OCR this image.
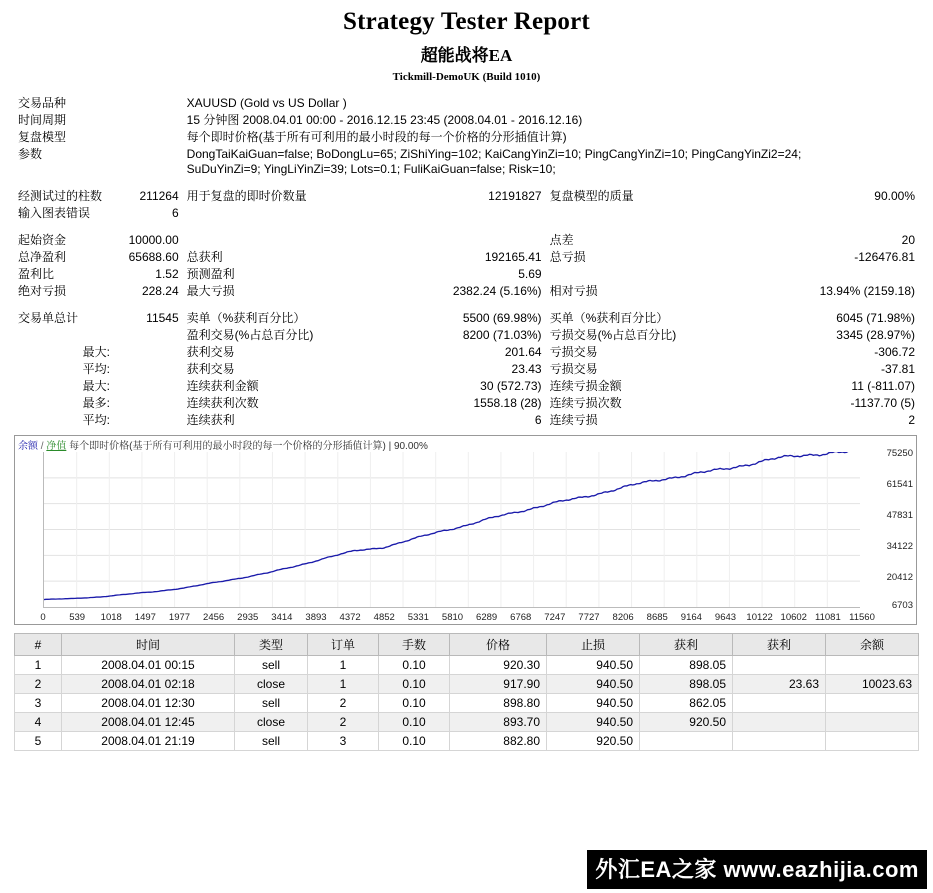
Strategy Tester Report
超能战将EA
Tickmill-DemoUK (Build 1010)
交易品种		XAUUSD (Gold vs US Dollar )			
时间周期		15 分钟图 2008.04.01 00:00 - 2016.12.15 23:45 (2008.04.01 - 2016.12.16)			
复盘模型		每个即时价格(基于所有可利用的最小时段的每一个价格的分形插值计算)			
参数		DongTaiKaiGuan=false; BoDongLu=65; ZiShiYing=102; KaiCangYinZi=10; PingCangYinZi=10; PingCangYinZi2=24;
SuDuYinZi=9; YingLiYinZi=39; Lots=0.1; FuliKaiGuan=false; Risk=10;			

经测试过的柱数	211264	用于复盘的即时价数量	12191827	复盘模型的质量	90.00%
输入图表错误	6				

起始资金	10000.00			点差	20
总净盈利	65688.60	总获利	192165.41	总亏损	-126476.81
盈利比	1.52	预测盈利	5.69		
绝对亏损	228.24	最大亏损	2382.24 (5.16%)	相对亏损	13.94% (2159.18)

交易单总计	11545	卖单（%获利百分比）	5500 (69.98%)	买单（%获利百分比）	6045 (71.98%)
		盈利交易(%占总百分比)	8200 (71.03%)	亏损交易(%占总百分比)	3345 (28.97%)
最大:		获利交易	201.64	亏损交易	-306.72
平均:		获利交易	23.43	亏损交易	-37.81
最大:		连续获利金额	30 (572.73)	连续亏损金额	11 (-811.07)
最多:		连续获利次数	1558.18 (28)	连续亏损次数	-1137.70 (5)
平均:		连续获利	6	连续亏损	2
余额 / 净值 每个即时价格(基于所有可利用的最小时段的每一个价格的分形插值计算) | 90.00%
75250
61541
47831
34122
20412
6703
0 539 1018 1497 1977 2456 2935 3414 3893 4372 4852 5331 5810 6289 6768 7247 7727 8206 8685 9164 9643 10122 10602 11081 11560
#	时间	类型	订单	手数	价格	止损	获利	获利	余额
1	2008.04.01 00:15	sell	1	0.10	920.30	940.50	898.05		
2	2008.04.01 02:18	close	1	0.10	917.90	940.50	898.05	23.63	10023.63
3	2008.04.01 12:30	sell	2	0.10	898.80	940.50	862.05		
4	2008.04.01 12:45	close	2	0.10	893.70	940.50	920.50		
5	2008.04.01 21:19	sell	3	0.10	882.80	920.50			
外汇EA之家 www.eazhijia.com
